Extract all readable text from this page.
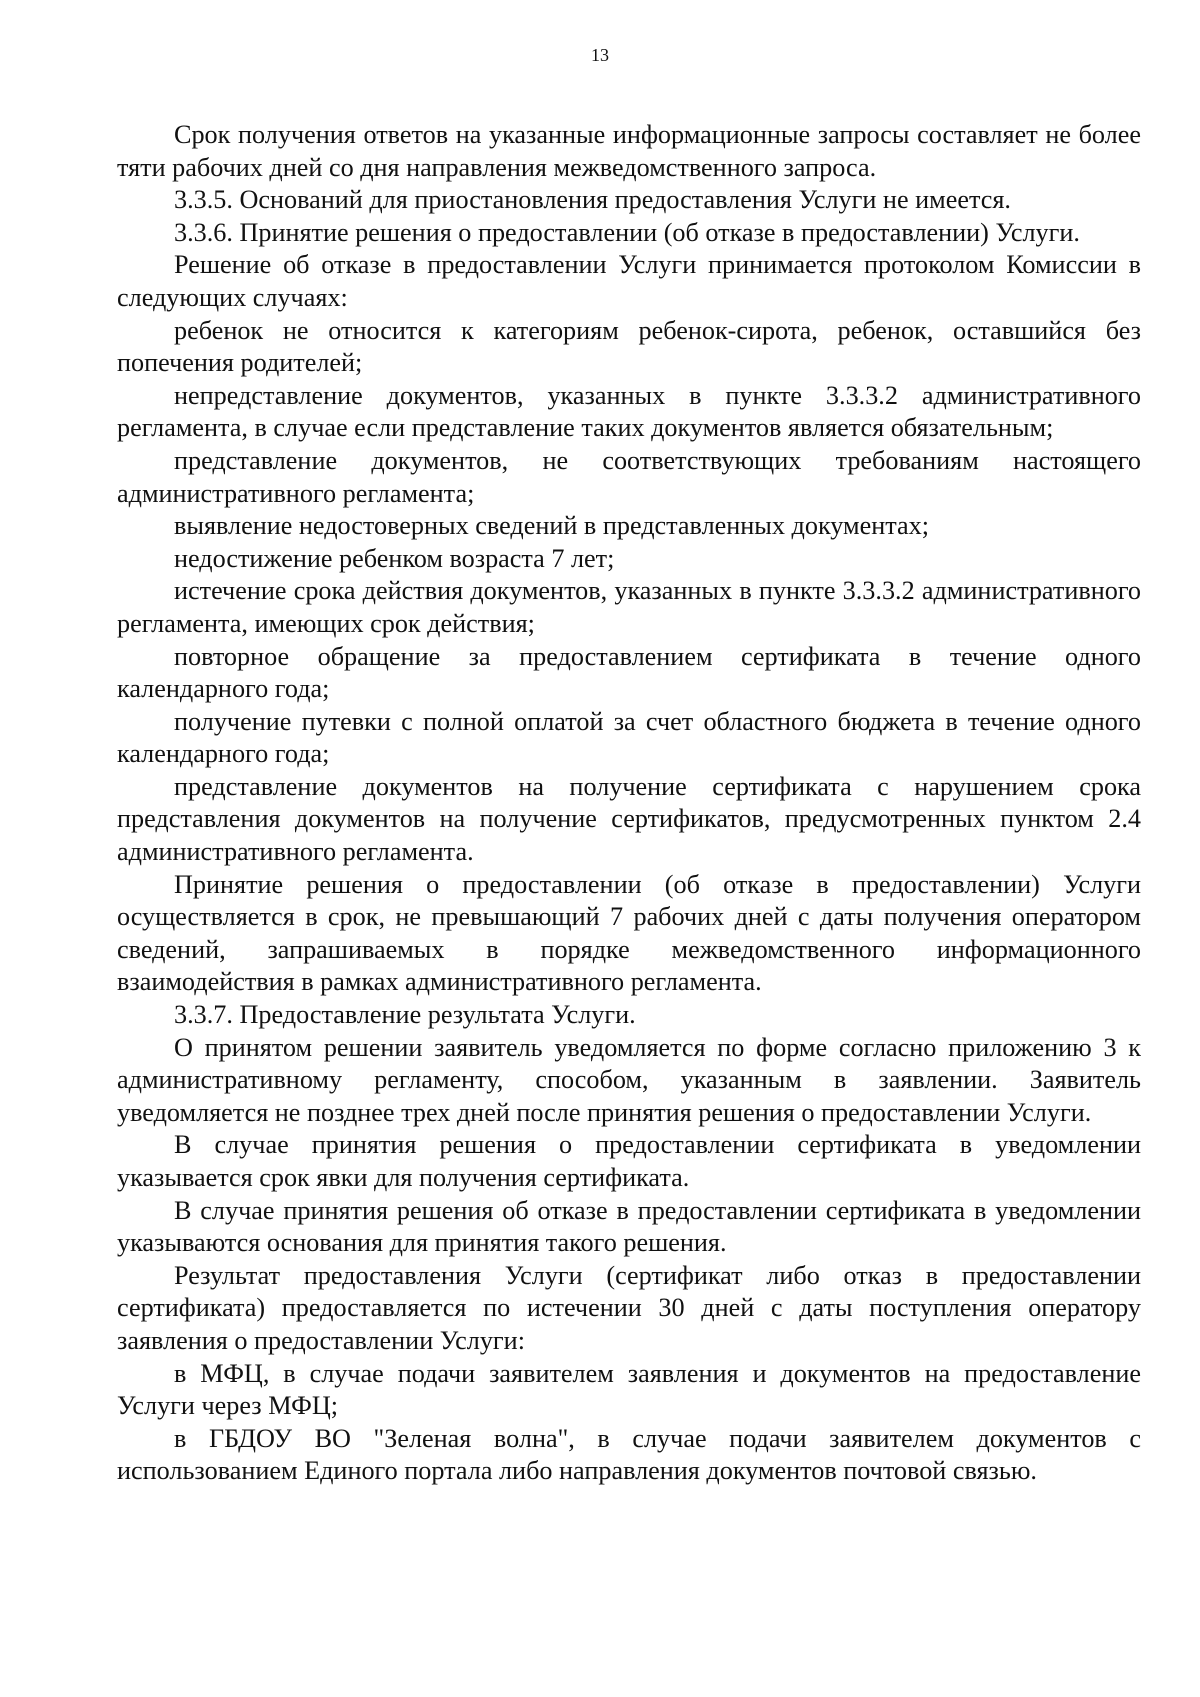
13

Срок получения ответов на указанные информационные запросы составляет не более тяти рабочих дней со дня направления межведомственного запроса.

3.3.5. Оснований для приостановления предоставления Услуги не имеется.

3.3.6. Принятие решения о предоставлении (об отказе в предоставлении) Услуги.

Решение об отказе в предоставлении Услуги принимается протоколом Комиссии в следующих случаях:

ребенок не относится к категориям ребенок-сирота, ребенок, оставшийся без попечения родителей;

непредставление документов, указанных в пункте 3.3.3.2 административного регламента, в случае если представление таких документов является обязательным;

представление документов, не соответствующих требованиям настоящего административного регламента;

выявление недостоверных сведений в представленных документах;

недостижение ребенком возраста 7 лет;

истечение срока действия документов, указанных в пункте 3.3.3.2 административного регламента, имеющих срок действия;

повторное обращение за предоставлением сертификата в течение одного календарного года;

получение путевки с полной оплатой за счет областного бюджета в течение одного календарного года;

представление документов на получение сертификата с нарушением срока представления документов на получение сертификатов, предусмотренных пунктом 2.4 административного регламента.

Принятие решения о предоставлении (об отказе в предоставлении) Услуги осуществляется в срок, не превышающий 7 рабочих дней с даты получения оператором сведений, запрашиваемых в порядке межведомственного информационного взаимодействия в рамках административного регламента.

3.3.7. Предоставление результата Услуги.

О принятом решении заявитель уведомляется по форме согласно приложению 3 к административному регламенту, способом, указанным в заявлении. Заявитель уведомляется не позднее трех дней после принятия решения о предоставлении Услуги.

В случае принятия решения о предоставлении сертификата в уведомлении указывается срок явки для получения сертификата.

В случае принятия решения об отказе в предоставлении сертификата в уведомлении указываются основания для принятия такого решения.

Результат предоставления Услуги (сертификат либо отказ в предоставлении сертификата) предоставляется по истечении 30 дней с даты поступления оператору заявления о предоставлении Услуги:

в МФЦ, в случае подачи заявителем заявления и документов на предоставление Услуги через МФЦ;

в ГБДОУ ВО "Зеленая волна", в случае подачи заявителем документов с использованием Единого портала либо направления документов почтовой связью.
